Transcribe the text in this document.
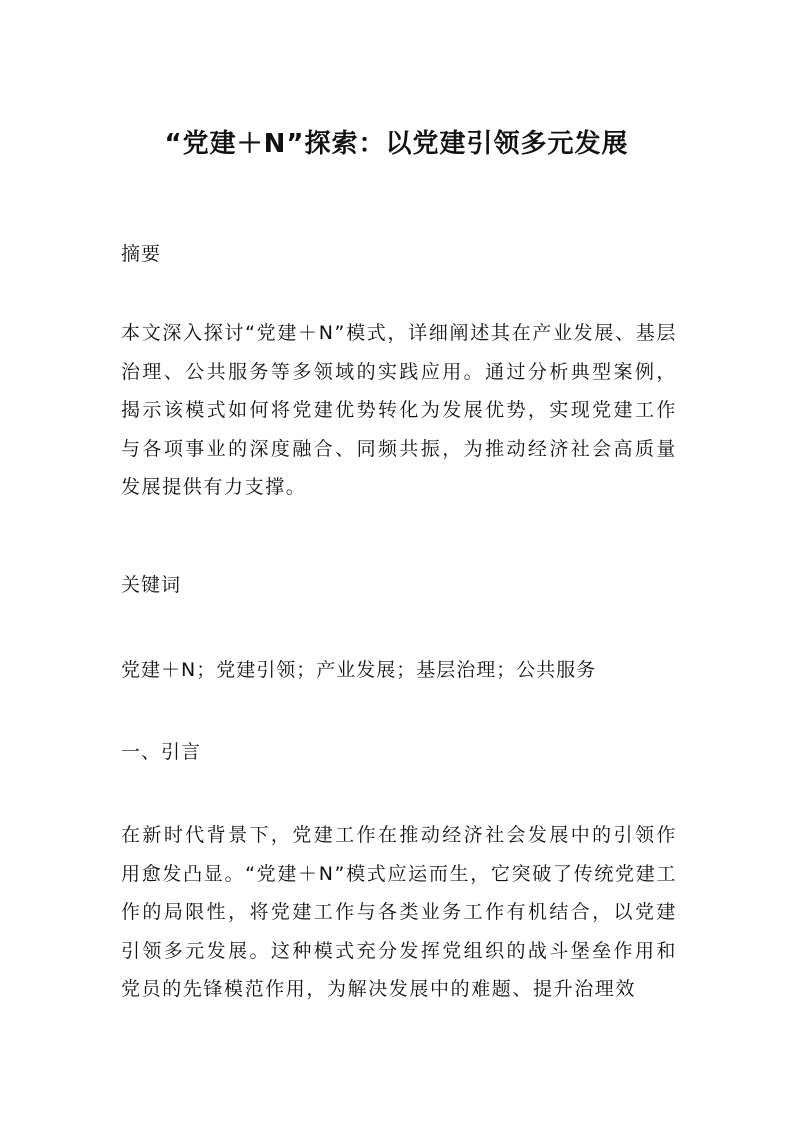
“党建＋N”探索：以党建引领多元发展

摘要

本文深入探讨“党建＋N”模式，详细阐述其在产业发展、基层治理、公共服务等多领域的实践应用。通过分析典型案例，揭示该模式如何将党建优势转化为发展优势，实现党建工作与各项事业的深度融合、同频共振，为推动经济社会高质量发展提供有力支撑。

关键词

党建＋N；党建引领；产业发展；基层治理；公共服务

一、引言

在新时代背景下，党建工作在推动经济社会发展中的引领作用愈发凸显。“党建＋N”模式应运而生，它突破了传统党建工作的局限性，将党建工作与各类业务工作有机结合，以党建引领多元发展。这种模式充分发挥党组织的战斗堡垒作用和党员的先锋模范作用，为解决发展中的难题、提升治理效
